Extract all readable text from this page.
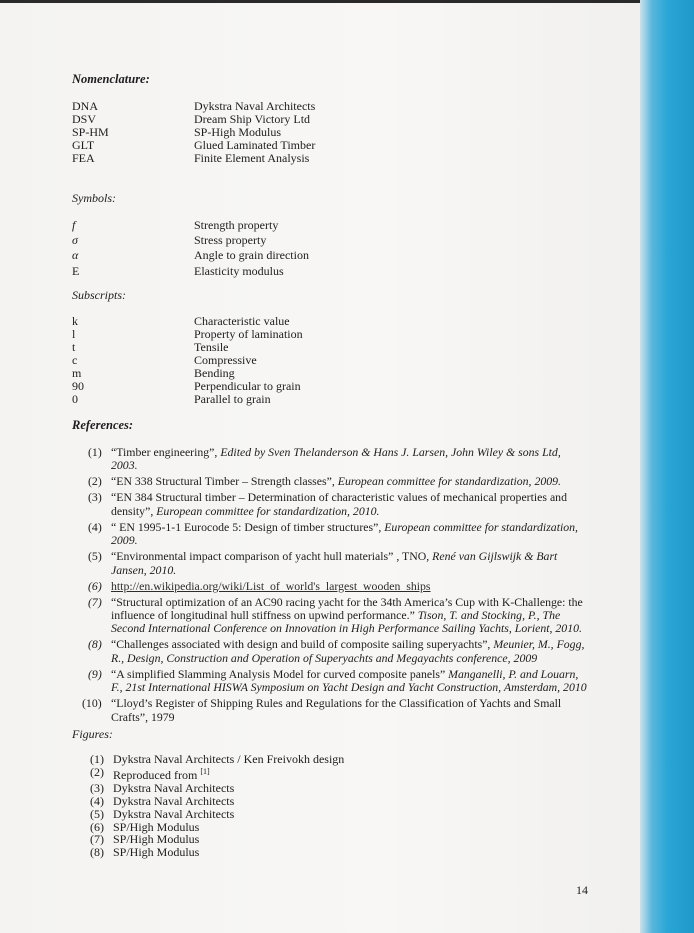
Nomenclature:
DNA	Dykstra Naval Architects
DSV	Dream Ship Victory Ltd
SP-HM	SP-High Modulus
GLT	Glued Laminated Timber
FEA	Finite Element Analysis
Symbols:
f	Strength property
σ	Stress property
α	Angle to grain direction
E	Elasticity modulus
Subscripts:
k	Characteristic value
l	Property of lamination
t	Tensile
c	Compressive
m	Bending
90	Perpendicular to grain
0	Parallel to grain
References:
(1) “Timber engineering”, Edited by Sven Thelanderson & Hans J. Larsen, John Wiley & sons Ltd, 2003.
(2) “EN 338 Structural Timber – Strength classes”, European committee for standardization, 2009.
(3) “EN 384 Structural timber – Determination of characteristic values of mechanical properties and density”, European committee for standardization, 2010.
(4) “ EN 1995-1-1 Eurocode 5: Design of timber structures”, European committee for standardization, 2009.
(5) “Environmental impact comparison of yacht hull materials” , TNO, René van Gijlswijk & Bart Jansen, 2010.
(6) http://en.wikipedia.org/wiki/List_of_world's_largest_wooden_ships
(7) “Structural optimization of an AC90 racing yacht for the 34th America’s Cup with K-Challenge: the influence of longitudinal hull stiffness on upwind performance.” Tison, T. and Stocking, P., The Second International Conference on Innovation in High Performance Sailing Yachts, Lorient, 2010.
(8) “Challenges associated with design and build of composite sailing superyachts”, Meunier, M., Fogg, R., Design, Construction and Operation of Superyachts and Megayachts conference, 2009
(9) “A simplified Slamming Analysis Model for curved composite panels” Manganelli, P. and Louarn, F., 21st International HISWA Symposium on Yacht Design and Yacht Construction, Amsterdam, 2010
(10) “Lloyd’s Register of Shipping Rules and Regulations for the Classification of Yachts and Small Crafts”, 1979
Figures:
(1) Dykstra Naval Architects / Ken Freivokh design
(2) Reproduced from [1]
(3) Dykstra Naval Architects
(4) Dykstra Naval Architects
(5) Dykstra Naval Architects
(6) SP/High Modulus
(7) SP/High Modulus
(8) SP/High Modulus
14
